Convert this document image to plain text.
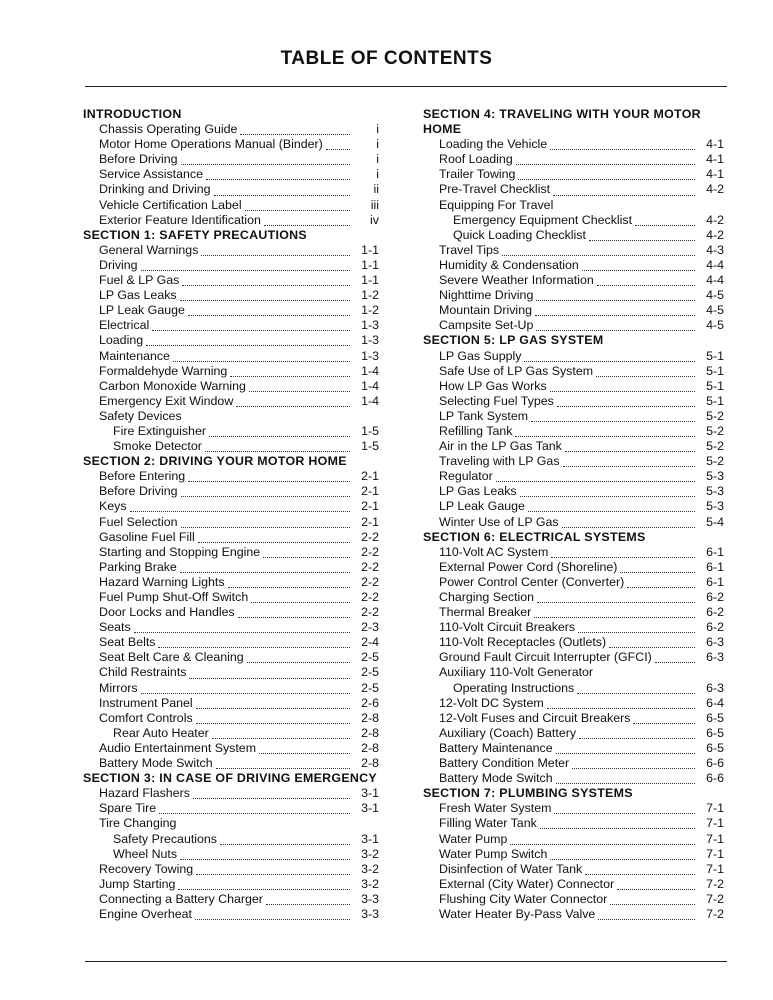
TABLE OF CONTENTS
INTRODUCTION
Chassis Operating Guide	i
Motor Home Operations Manual (Binder)	i
Before Driving	i
Service Assistance	i
Drinking and Driving	ii
Vehicle Certification Label	iii
Exterior Feature Identification	iv
SECTION 1: SAFETY PRECAUTIONS
General Warnings	1-1
Driving	1-1
Fuel & LP Gas	1-1
LP Gas Leaks	1-2
LP Leak Gauge	1-2
Electrical	1-3
Loading	1-3
Maintenance	1-3
Formaldehyde Warning	1-4
Carbon Monoxide Warning	1-4
Emergency Exit Window	1-4
Safety Devices
Fire Extinguisher	1-5
Smoke Detector	1-5
SECTION 2: DRIVING YOUR MOTOR HOME
Before Entering	2-1
Before Driving	2-1
Keys	2-1
Fuel Selection	2-1
Gasoline Fuel Fill	2-2
Starting and Stopping Engine	2-2
Parking Brake	2-2
Hazard Warning Lights	2-2
Fuel Pump Shut-Off Switch	2-2
Door Locks and Handles	2-2
Seats	2-3
Seat Belts	2-4
Seat Belt Care & Cleaning	2-5
Child Restraints	2-5
Mirrors	2-5
Instrument Panel	2-6
Comfort Controls	2-8
Rear Auto Heater	2-8
Audio Entertainment System	2-8
Battery Mode Switch	2-8
SECTION 3: IN CASE OF DRIVING EMERGENCY
Hazard Flashers	3-1
Spare Tire	3-1
Tire Changing
Safety Precautions	3-1
Wheel Nuts	3-2
Recovery Towing	3-2
Jump Starting	3-2
Connecting a Battery Charger	3-3
Engine Overheat	3-3
SECTION 4: TRAVELING WITH YOUR MOTOR
HOME
Loading the Vehicle	4-1
Roof Loading	4-1
Trailer Towing	4-1
Pre-Travel Checklist	4-2
Equipping For Travel
Emergency Equipment Checklist	4-2
Quick Loading Checklist	4-2
Travel Tips	4-3
Humidity & Condensation	4-4
Severe Weather Information	4-4
Nighttime Driving	4-5
Mountain Driving	4-5
Campsite Set-Up	4-5
SECTION 5: LP GAS SYSTEM
LP Gas Supply	5-1
Safe Use of LP Gas System	5-1
How LP Gas Works	5-1
Selecting Fuel Types	5-1
LP Tank System	5-2
Refilling Tank	5-2
Air in the LP Gas Tank	5-2
Traveling with LP Gas	5-2
Regulator	5-3
LP Gas Leaks	5-3
LP Leak Gauge	5-3
Winter Use of LP Gas	5-4
SECTION 6: ELECTRICAL SYSTEMS
110-Volt AC System	6-1
External Power Cord (Shoreline)	6-1
Power Control Center (Converter)	6-1
Charging Section	6-2
Thermal Breaker	6-2
110-Volt Circuit Breakers	6-2
110-Volt Receptacles (Outlets)	6-3
Ground Fault Circuit Interrupter (GFCI)	6-3
Auxiliary 110-Volt Generator
Operating Instructions	6-3
12-Volt DC System	6-4
12-Volt Fuses and Circuit Breakers	6-5
Auxiliary (Coach) Battery	6-5
Battery Maintenance	6-5
Battery Condition Meter	6-6
Battery Mode Switch	6-6
SECTION 7: PLUMBING SYSTEMS
Fresh Water System	7-1
Filling Water Tank	7-1
Water Pump	7-1
Water Pump Switch	7-1
Disinfection of Water Tank	7-1
External (City Water) Connector	7-2
Flushing City Water Connector	7-2
Water Heater By-Pass Valve	7-2
